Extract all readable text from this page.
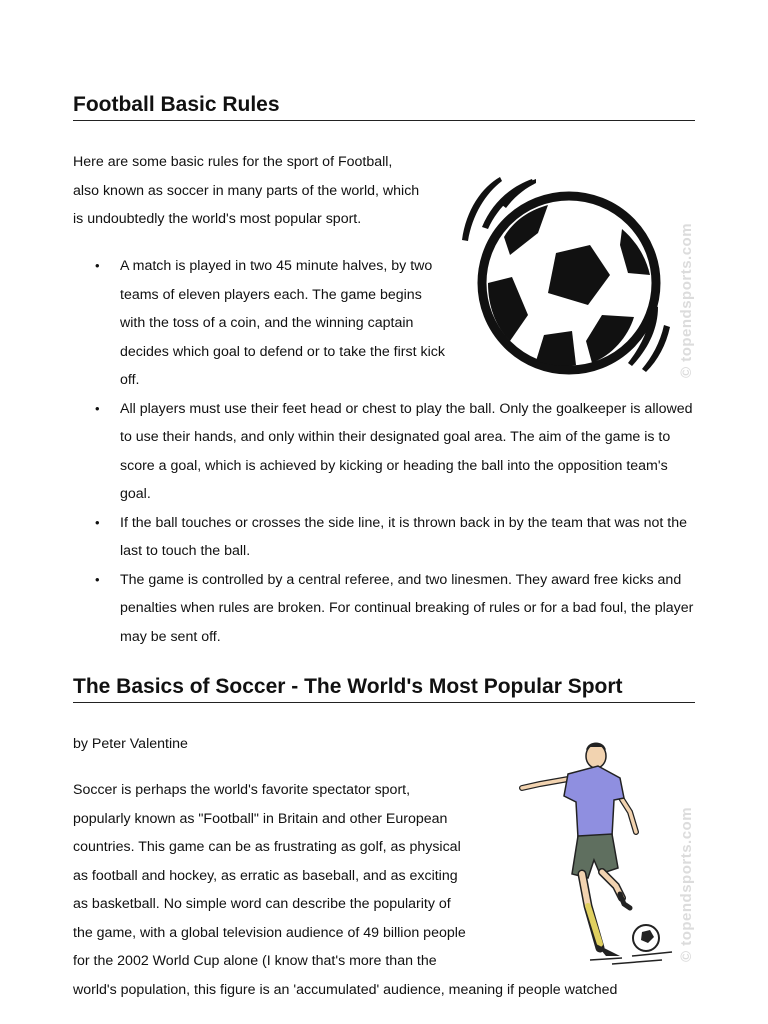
Football Basic Rules
Here are some basic rules for the sport of Football,
also known as soccer in many parts of the world, which
is undoubtedly the world's most popular sport.
• A match is played in two 45 minute halves, by two teams of eleven players each. The game begins with the toss of a coin, and the winning captain decides which goal to defend or to take the first kick off.
• All players must use their feet head or chest to play the ball. Only the goalkeeper is allowed to use their hands, and only within their designated goal area. The aim of the game is to score a goal, which is achieved by kicking or heading the ball into the opposition team's goal.
• If the ball touches or crosses the side line, it is thrown back in by the team that was not the last to touch the ball.
• The game is controlled by a central referee, and two linesmen. They award free kicks and penalties when rules are broken. For continual breaking of rules or for a bad foul, the player may be sent off.
© topendsports.com
The Basics of Soccer - The World's Most Popular Sport
by Peter Valentine
Soccer is perhaps the world's favorite spectator sport,
popularly known as "Football" in Britain and other European
countries. This game can be as frustrating as golf, as physical
as football and hockey, as erratic as baseball, and as exciting
as basketball. No simple word can describe the popularity of
the game, with a global television audience of 49 billion people
for the 2002 World Cup alone (I know that's more than the
world's population, this figure is an 'accumulated' audience, meaning if people watched
© topendsports.com
